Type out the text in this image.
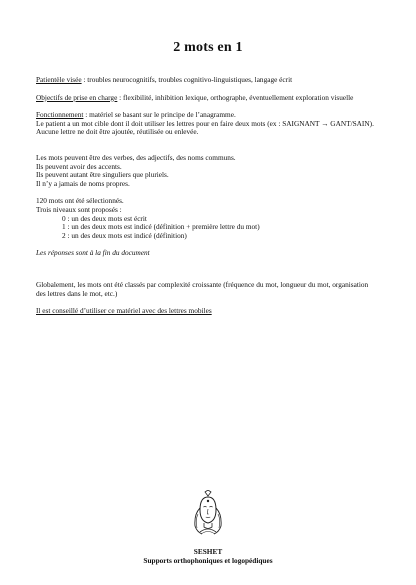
2 mots en 1

Patientèle visée : troubles neurocognitifs, troubles cognitivo-linguistiques, langage écrit

Objectifs de prise en charge : flexibilité, inhibition lexique, orthographe, éventuellement exploration visuelle

Fonctionnement : matériel se basant sur le principe de l’anagramme.

Le patient a un mot cible dont il doit utiliser les lettres pour en faire deux mots (ex : SAIGNANT → GANT/SAIN). Aucune lettre ne doit être ajoutée, réutilisée ou enlevée.

Les mots peuvent être des verbes, des adjectifs, des noms communs.

Ils peuvent avoir des accents.

Ils peuvent autant être singuliers que pluriels.

Il n’y a jamais de noms propres.

120 mots ont été sélectionnés.

Trois niveaux sont proposés :

0 : un des deux mots est écrit

1 : un des deux mots est indicé (définition + première lettre du mot)

2 : un des deux mots est indicé (définition)

Les réponses sont à la fin du document

Globalement, les mots ont été classés par complexité croissante (fréquence du mot, longueur du mot, organisation des lettres dans le mot, etc.)

Il est conseillé d’utiliser ce matériel avec des lettres mobiles

SESHET
Supports orthophoniques et logopédiques
